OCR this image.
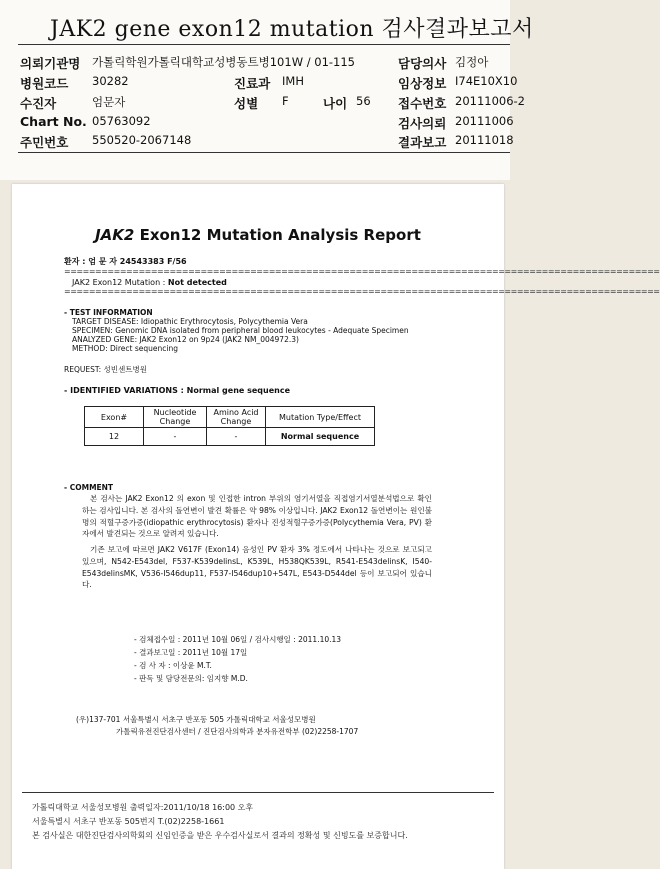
JAK2 gene exon12 mutation 검사결과보고서
의뢰기관명 가톨릭학원가톨릭대학교성병동트병101W / 01-115	담당의사 김정아
병원코드 30282	진료과 IMH	임상정보 I74E10X10
수진자	엄문자	성별 F	나이 56 접수번호 20111006-2
Chart No. 05763092	검사의뢰 20111006
주민번호 550520-2067148	결과보고 20111018
JAK2 Exon12 Mutation Analysis Report
환자 : 엄 문 자 24543383 F/56
================================================================================================
JAK2 Exon12 Mutation : Not detected
================================================================================================
- TEST INFORMATION
TARGET DISEASE: Idiopathic Erythrocytosis, Polycythemia Vera
SPECIMEN: Genomic DNA isolated from peripheral blood leukocytes - Adequate Specimen
ANALYZED GENE: JAK2 Exon12 on 9p24 (JAK2 NM_004972.3)
METHOD: Direct sequencing
REQUEST: 성빈센트병원
- IDENTIFIED VARIATIONS : Normal gene sequence
Exon#	Nucleotide Change	Amino Acid Change	Mutation Type/Effect
12	-	-	Normal sequence
- COMMENT
본 검사는 JAK2 Exon12 의 exon 및 인접한 intron 부위의 염기서열을 직접염기서열분석법으로 확인하는 검사입니다. 본 검사의 돌연변이 발견 확률은 약 98% 이상입니다. JAK2 Exon12 돌연변이는 원인불명의 적혈구증가증(idiopathic erythrocytosis) 환자나 진성적혈구증가증(Polycythemia Vera, PV) 환자에서 발견되는 것으로 알려져 있습니다.
기존 보고에 따르면 JAK2 V617F (Exon14) 음성인 PV 환자 3% 정도에서 나타나는 것으로 보고되고 있으며, N542-E543del, F537-K539delinsL, K539L, H538QK539L, R541-E543delinsK, I540-E543delinsMK, V536-I546dup11, F537-I546dup10+547L, E543-D544del 등이 보고되어 있습니다.
- 검체접수일 : 2011년 10월 06일 / 검사시행일 : 2011.10.13
- 결과보고일 : 2011년 10월 17일
- 검 사 자 : 이상윤 M.T.
- 판독 및 담당전문의: 임지향 M.D.
(우)137-701 서울특별시 서초구 반포동 505 가톨릭대학교 서울성모병원
가톨릭유전진단검사센터 / 진단검사의학과 분자유전학부 (02)2258-1707
가톨릭대학교 서울성모병원 출력일자:2011/10/18 16:00 오후
서울특별시 서초구 반포동 505번지 T.(02)2258-1661
본 검사실은 대한진단검사의학회의 신임인증을 받은 우수검사실로서 결과의 정확성 및 신빙도를 보증합니다.
